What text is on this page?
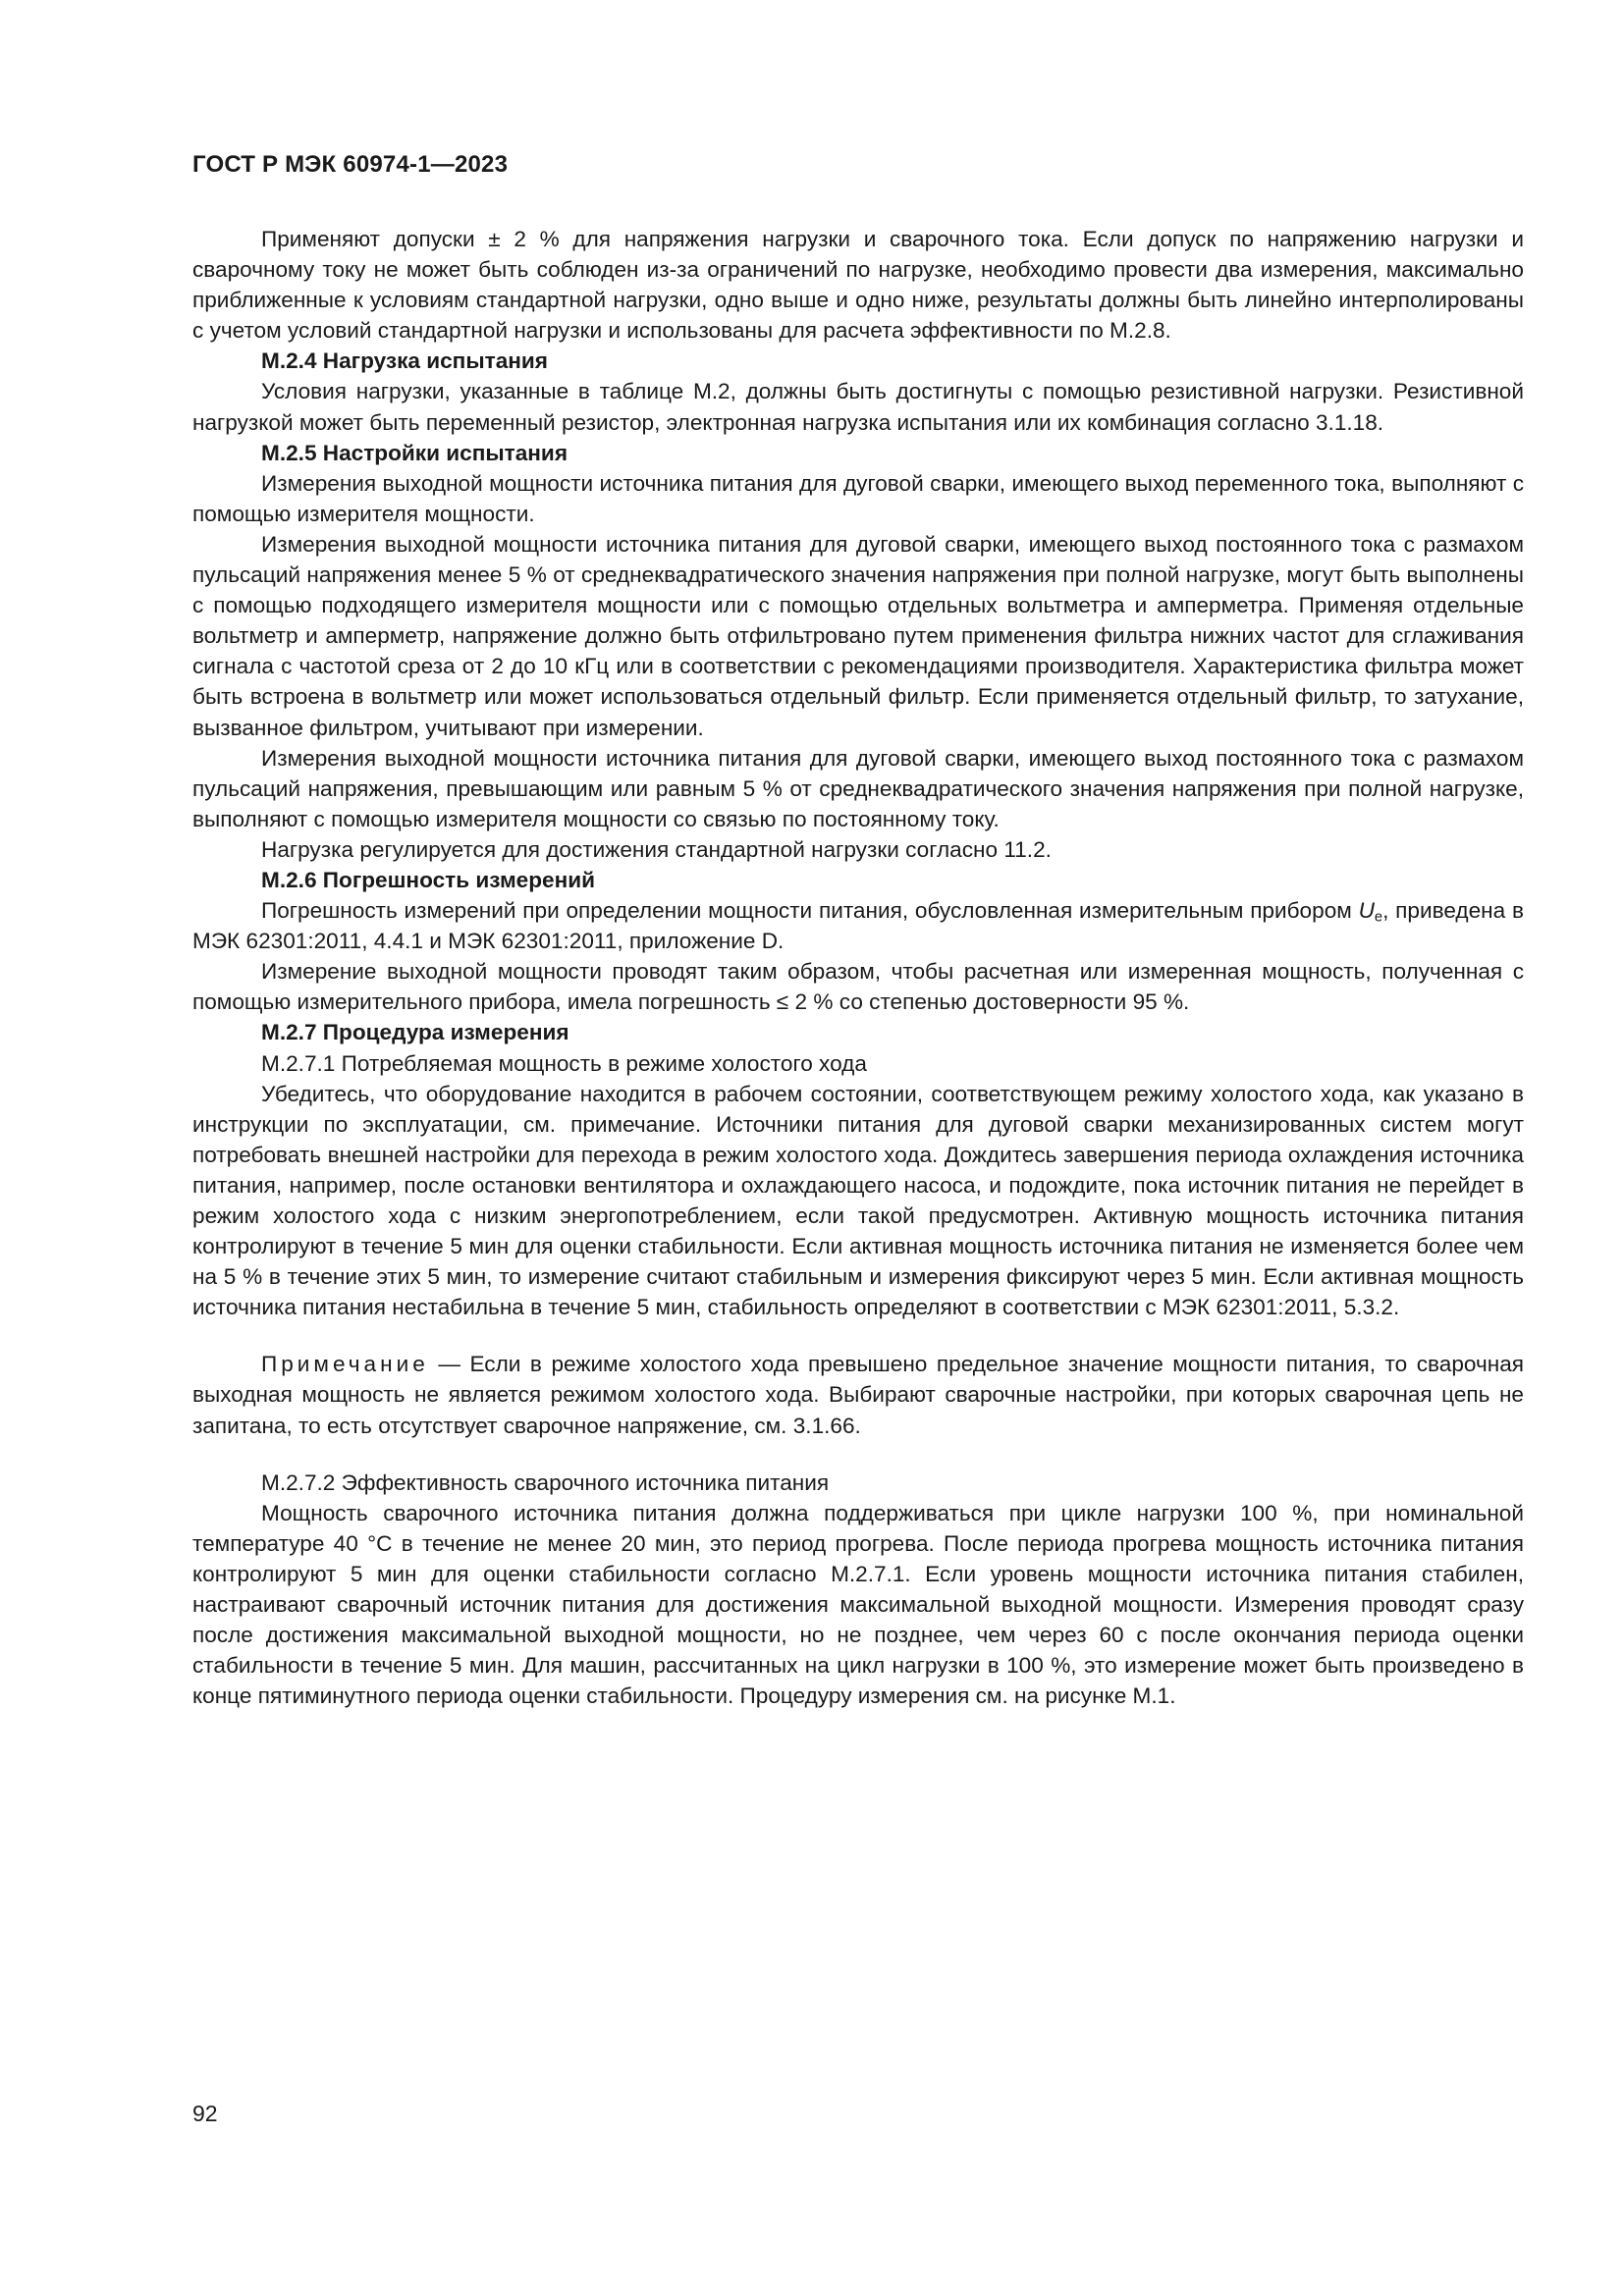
ГОСТ Р МЭК 60974-1—2023

Применяют допуски ± 2 % для напряжения нагрузки и сварочного тока. Если допуск по напряжению нагрузки и сварочному току не может быть соблюден из-за ограничений по нагрузке, необходимо провести два измерения, максимально приближенные к условиям стандартной нагрузки, одно выше и одно ниже, результаты должны быть линейно интерполированы с учетом условий стандартной нагрузки и использованы для расчета эффективности по М.2.8.

М.2.4 Нагрузка испытания

Условия нагрузки, указанные в таблице М.2, должны быть достигнуты с помощью резистивной нагрузки. Резистивной нагрузкой может быть переменный резистор, электронная нагрузка испытания или их комбинация согласно 3.1.18.

М.2.5 Настройки испытания

Измерения выходной мощности источника питания для дуговой сварки, имеющего выход переменного тока, выполняют с помощью измерителя мощности.

Измерения выходной мощности источника питания для дуговой сварки, имеющего выход постоянного тока с размахом пульсаций напряжения менее 5 % от среднеквадратического значения напряжения при полной нагрузке, могут быть выполнены с помощью подходящего измерителя мощности или с помощью отдельных вольтметра и амперметра. Применяя отдельные вольтметр и амперметр, напряжение должно быть отфильтровано путем применения фильтра нижних частот для сглаживания сигнала с частотой среза от 2 до 10 кГц или в соответствии с рекомендациями производителя. Характеристика фильтра может быть встроена в вольтметр или может использоваться отдельный фильтр. Если применяется отдельный фильтр, то затухание, вызванное фильтром, учитывают при измерении.

Измерения выходной мощности источника питания для дуговой сварки, имеющего выход постоянного тока с размахом пульсаций напряжения, превышающим или равным 5 % от среднеквадратического значения напряжения при полной нагрузке, выполняют с помощью измерителя мощности со связью по постоянному току.

Нагрузка регулируется для достижения стандартной нагрузки согласно 11.2.

М.2.6 Погрешность измерений

Погрешность измерений при определении мощности питания, обусловленная измерительным прибором $U_e$, приведена в МЭК 62301:2011, 4.4.1 и МЭК 62301:2011, приложение D.

Измерение выходной мощности проводят таким образом, чтобы расчетная или измеренная мощность, полученная с помощью измерительного прибора, имела погрешность ≤ 2 % со степенью достоверности 95 %.

М.2.7 Процедура измерения

М.2.7.1 Потребляемая мощность в режиме холостого хода

Убедитесь, что оборудование находится в рабочем состоянии, соответствующем режиму холостого хода, как указано в инструкции по эксплуатации, см. примечание. Источники питания для дуговой сварки механизированных систем могут потребовать внешней настройки для перехода в режим холостого хода. Дождитесь завершения периода охлаждения источника питания, например, после остановки вентилятора и охлаждающего насоса, и подождите, пока источник питания не перейдет в режим холостого хода с низким энергопотреблением, если такой предусмотрен. Активную мощность источника питания контролируют в течение 5 мин для оценки стабильности. Если активная мощность источника питания не изменяется более чем на 5 % в течение этих 5 мин, то измерение считают стабильным и измерения фиксируют через 5 мин. Если активная мощность источника питания нестабильна в течение 5 мин, стабильность определяют в соответствии с МЭК 62301:2011, 5.3.2.

Примечание — Если в режиме холостого хода превышено предельное значение мощности питания, то сварочная выходная мощность не является режимом холостого хода. Выбирают сварочные настройки, при которых сварочная цепь не запитана, то есть отсутствует сварочное напряжение, см. 3.1.66.

М.2.7.2 Эффективность сварочного источника питания

Мощность сварочного источника питания должна поддерживаться при цикле нагрузки 100 %, при номинальной температуре 40 °С в течение не менее 20 мин, это период прогрева. После периода прогрева мощность источника питания контролируют 5 мин для оценки стабильности согласно М.2.7.1. Если уровень мощности источника питания стабилен, настраивают сварочный источник питания для достижения максимальной выходной мощности. Измерения проводят сразу после достижения максимальной выходной мощности, но не позднее, чем через 60 с после окончания периода оценки стабильности в течение 5 мин. Для машин, рассчитанных на цикл нагрузки в 100 %, это измерение может быть произведено в конце пятиминутного периода оценки стабильности. Процедуру измерения см. на рисунке М.1.

92
